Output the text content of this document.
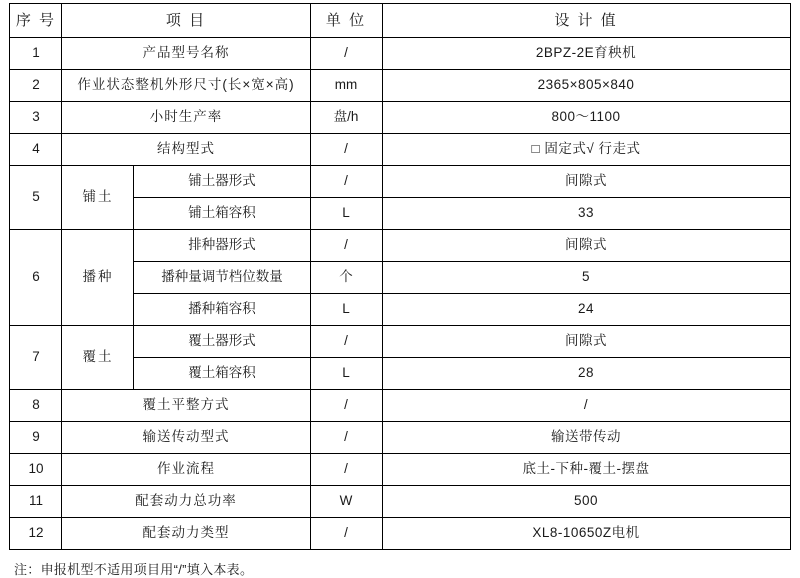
序 号	项 目		单 位	设 计 值
1	产品型号名称		/	2BPZ-2E育秧机
2	作业状态整机外形尺寸(长×宽×高)		mm	2365×805×840
3	小时生产率		盘/h	800～1100
4	结构型式		/	□ 固定式√ 行走式
5	铺土	铺土器形式	/	间隙式
		铺土箱容积	L	33
6	播种	排种器形式	/	间隙式
		播种量调节档位数量	个	5
		播种箱容积	L	24
7	覆土	覆土器形式	/	间隙式
		覆土箱容积	L	28
8	覆土平整方式		/	/
9	输送传动型式		/	输送带传动
10	作业流程		/	底土-下种-覆土-摆盘
11	配套动力总功率		W	500
12	配套动力类型		/	XL8-10650Z电机
注：申报机型不适用项目用“/”填入本表。
